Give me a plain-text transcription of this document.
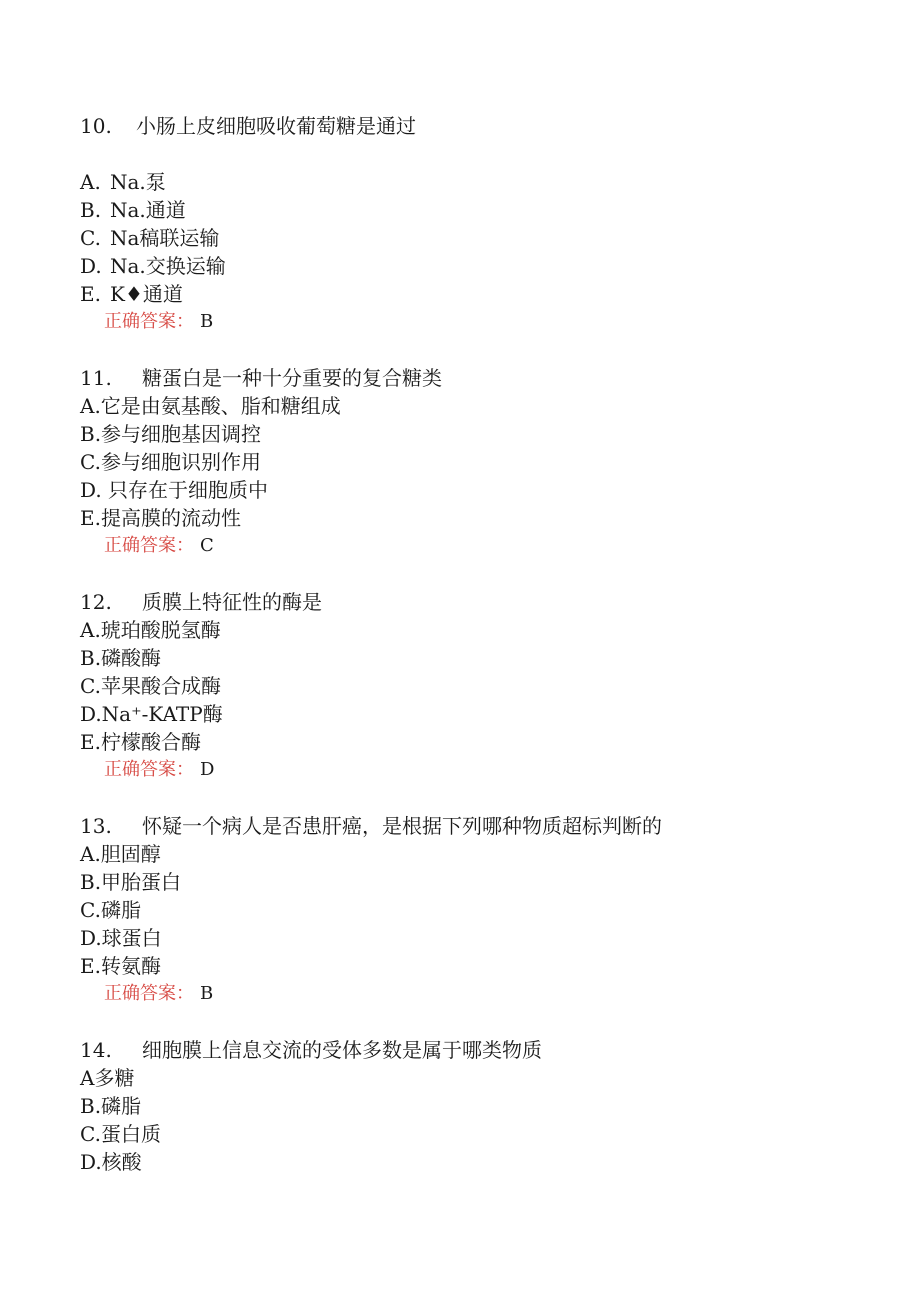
10. 小肠上皮细胞吸收葡萄糖是通过
A. Na.泵
B. Na.通道
C. Na稿联运输
D. Na.交换运输
E. K♦通道
正确答案： B
11. 糖蛋白是一种十分重要的复合糖类
A.它是由氨基酸、脂和糖组成
B.参与细胞基因调控
C.参与细胞识别作用
D. 只存在于细胞质中
E.提高膜的流动性
正确答案： C
12. 质膜上特征性的酶是
A.琥珀酸脱氢酶
B.磷酸酶
C.苹果酸合成酶
D.Na⁺-KATP酶
E.柠檬酸合酶
正确答案： D
13. 怀疑一个病人是否患肝癌，是根据下列哪种物质超标判断的
A.胆固醇
B.甲胎蛋白
C.磷脂
D.球蛋白
E.转氨酶
正确答案： B
14. 细胞膜上信息交流的受体多数是属于哪类物质
A多糖
B.磷脂
C.蛋白质
D.核酸
